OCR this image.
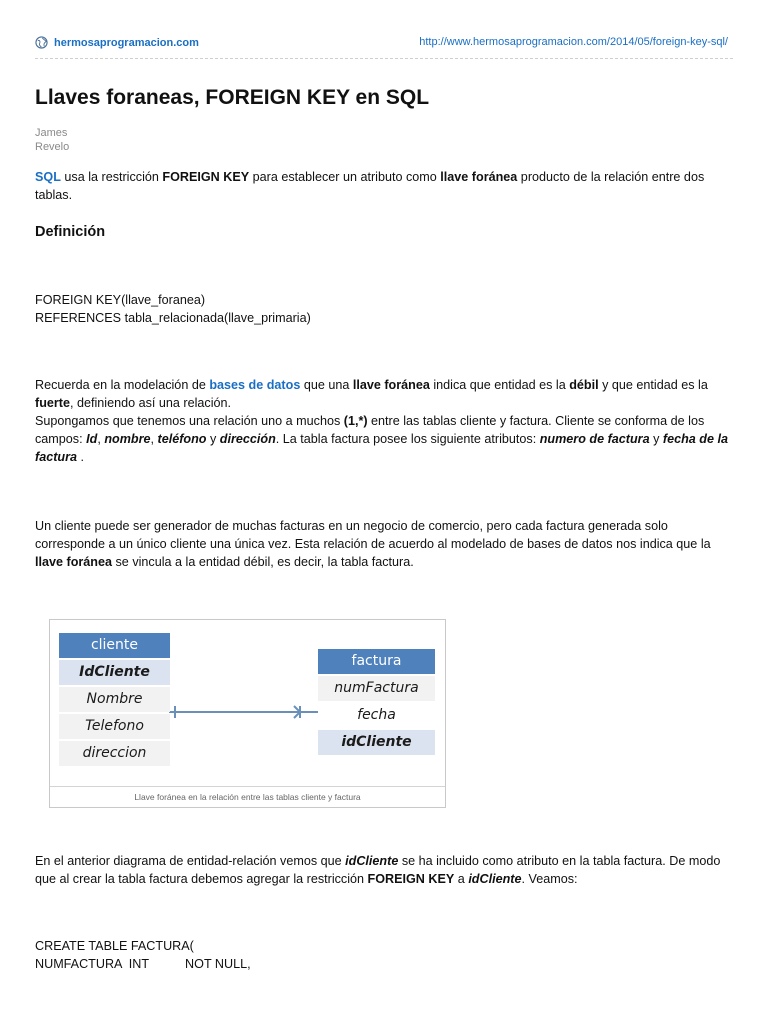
hermosaprogramacion.com	http://www.hermosaprogramacion.com/2014/05/foreign-key-sql/
Llaves foraneas, FOREIGN KEY en SQL
James
Revelo

SQL usa la restricción FOREIGN KEY para establecer un atributo como llave foránea producto de la relación entre dos tablas.

Definición

FOREIGN KEY(llave_foranea)
REFERENCES tabla_relacionada(llave_primaria)

Recuerda en la modelación de bases de datos que una llave foránea indica que entidad es la débil y que entidad es la fuerte, definiendo así una relación.
Supongamos que tenemos una relación uno a muchos (1,*) entre las tablas cliente y factura. Cliente se conforma de los campos: Id, nombre, teléfono y dirección. La tabla factura posee los siguiente atributos: numero de factura y fecha de la factura .

Un cliente puede ser generador de muchas facturas en un negocio de comercio, pero cada factura generada solo corresponde a un único cliente una única vez. Esta relación de acuerdo al modelado de bases de datos nos indica que la llave foránea se vincula a la entidad débil, es decir, la tabla factura.

cliente
IdCliente
Nombre
Telefono
direccion
factura
numFactura
fecha
idCliente
Llave foránea en la relación entre las tablas cliente y factura

En el anterior diagrama de entidad-relación vemos que idCliente se ha incluido como atributo en la tabla factura. De modo que al crear la tabla factura debemos agregar la restricción FOREIGN KEY a idCliente. Veamos:

CREATE TABLE FACTURA(
NUMFACTURA  INT	NOT NULL,
